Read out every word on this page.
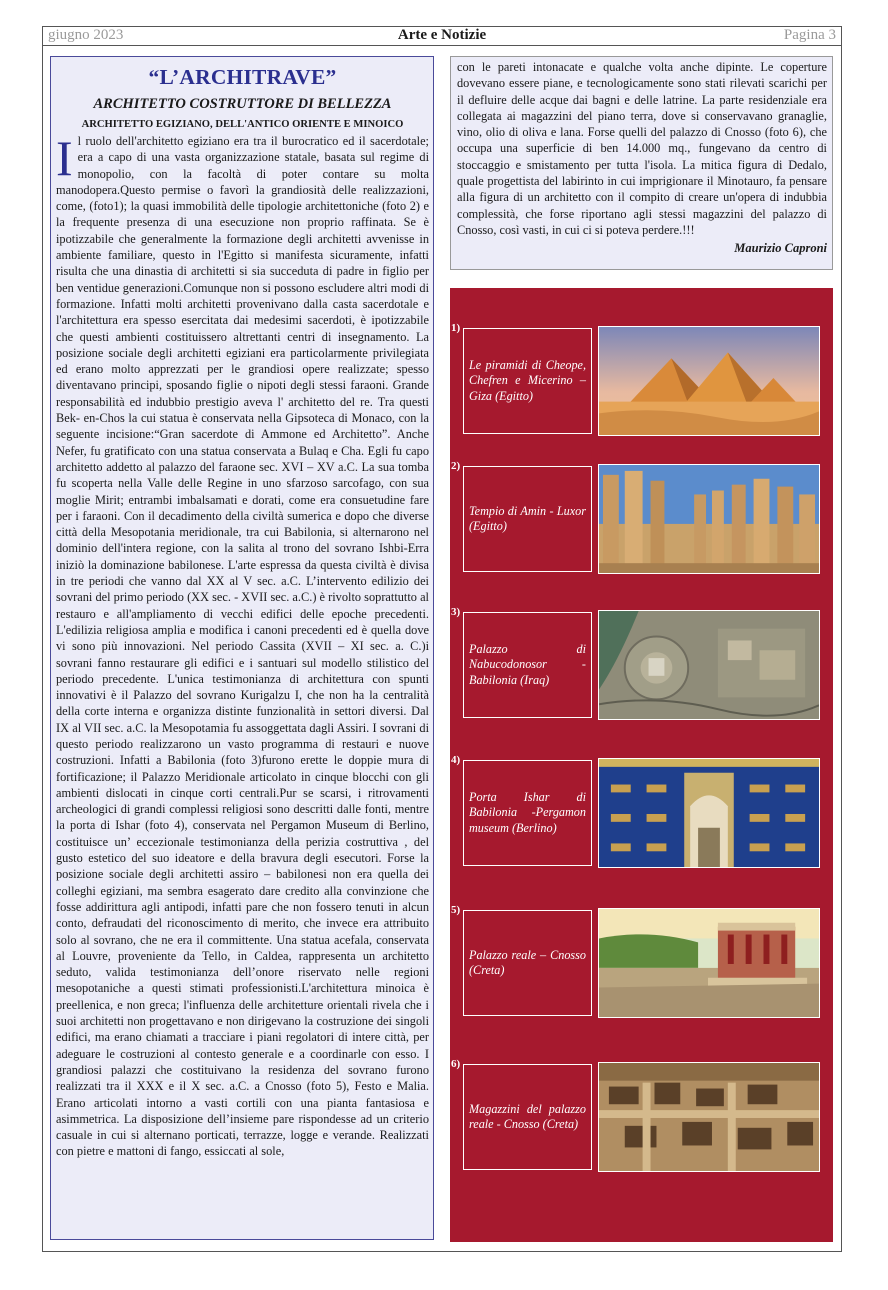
giugno 2023	Arte e Notizie	Pagina 3
“L’ARCHITRAVE”
ARCHITETTO COSTRUTTORE DI BELLEZZA
ARCHITETTO EGIZIANO, DELL'ANTICO ORIENTE E MINOICO

Il ruolo dell'architetto egiziano era tra il burocratico ed il sacerdotale; era a capo di una vasta organizzazione statale, basata sul regime di monopolio, con la facoltà di poter contare su molta manodopera.Questo permise o favorì la grandiosità delle realizzazioni, come, (foto1); la quasi immobilità delle tipologie architettoniche (foto 2) e la frequente presenza di una esecuzione non proprio raffinata. Se è ipotizzabile che generalmente la formazione degli architetti avvenisse in ambiente familiare, questo in l'Egitto si manifesta sicuramente, infatti risulta che una dinastia di architetti si sia succeduta di padre in figlio per ben ventidue generazioni.Comunque non si possono escludere altri modi di formazione. Infatti molti architetti provenivano dalla casta sacerdotale e l'architettura era spesso esercitata dai medesimi sacerdoti, è ipotizzabile che questi ambienti costituissero altrettanti centri di insegnamento. La posizione sociale degli architetti egiziani era particolarmente privilegiata ed erano molto apprezzati per le grandiosi opere realizzate; spesso diventavano principi, sposando figlie o nipoti degli stessi faraoni. Grande responsabilità ed indubbio prestigio aveva l' architetto del re. Tra questi Bek- en-Chos la cui statua è conservata nella Gipsoteca di Monaco, con la seguente incisione:“Gran sacerdote di Ammone ed Architetto”. Anche Nefer, fu gratificato con una statua conservata a Bulaq e Cha. Egli fu capo architetto addetto al palazzo del faraone sec. XVI – XV a.C. La sua tomba fu scoperta nella Valle delle Regine in uno sfarzoso sarcofago, con sua moglie Mirit; entrambi imbalsamati e dorati, come era consuetudine fare per i faraoni. Con il decadimento della civiltà sumerica e dopo che diverse città della Mesopotania meridionale, tra cui Babilonia, si alternarono nel dominio dell'intera regione, con la salita al trono del sovrano Ishbi-Erra iniziò la dominazione babilonese. L'arte espressa da questa civiltà è divisa in tre periodi che vanno dal XX al V sec. a.C. L’intervento edilizio dei sovrani del primo periodo (XX sec. - XVII sec. a.C.) è rivolto soprattutto al restauro e all'ampliamento di vecchi edifici delle epoche precedenti. L'edilizia religiosa amplia e modifica i canoni precedenti ed è quella dove vi sono più innovazioni. Nel periodo Cassita (XVII – XI sec. a. C.)i sovrani fanno restaurare gli edifici e i santuari sul modello stilistico del periodo precedente. L'unica testimonianza di architettura con spunti innovativi è il Palazzo del sovrano Kurigalzu I, che non ha la centralità della corte interna e organizza distinte funzionalità in settori diversi. Dal IX al VII sec. a.C. la Mesopotamia fu assoggettata dagli Assiri. I sovrani di questo periodo realizzarono un vasto programma di restauri e nuove costruzioni. Infatti a Babilonia (foto 3)furono erette le doppie mura di fortificazione; il Palazzo Meridionale articolato in cinque blocchi con gli ambienti dislocati in cinque corti centrali.Pur se scarsi, i ritrovamenti archeologici di grandi complessi religiosi sono descritti dalle fonti, mentre la porta di Ishar (foto 4), conservata nel Pergamon Museum di Berlino, costituisce un’ eccezionale testimonianza della perizia costruttiva , del gusto estetico del suo ideatore e della bravura degli esecutori. Forse la posizione sociale degli architetti assiro – babilonesi non era quella dei colleghi egiziani, ma sembra esagerato dare credito alla convinzione che fosse addirittura agli antipodi, infatti pare che non fossero tenuti in alcun conto, defraudati del riconoscimento di merito, che invece era attribuito solo al sovrano, che ne era il committente. Una statua acefala, conservata al Louvre, proveniente da Tello, in Caldea, rappresenta un architetto seduto, valida testimonianza dell’onore riservato nelle regioni mesopotaniche a questi stimati professionisti.L'architettura minoica è preellenica, e non greca; l'influenza delle architetture orientali rivela che i suoi architetti non progettavano e non dirigevano la costruzione dei singoli edifici, ma erano chiamati a tracciare i piani regolatori di intere città, per adeguare le costruzioni al contesto generale e a coordinarle con esso. I grandiosi palazzi che costituivano la residenza del sovrano furono realizzati tra il XXX e il X sec. a.C. a Cnosso (foto 5), Festo e Malia. Erano articolati intorno a vasti cortili con una pianta fantasiosa e asimmetrica. La disposizione dell’insieme pare rispondesse ad un criterio casuale in cui si alternano porticati, terrazze, logge e verande. Realizzati con pietre e mattoni di fango, essiccati al sole,

con le pareti intonacate e qualche volta anche dipinte. Le coperture dovevano essere piane, e tecnologicamente sono stati rilevati scarichi per il defluire delle acque dai bagni e delle latrine. La parte residenziale era collegata ai magazzini del piano terra, dove si conservavano granaglie, vino, olio di oliva e lana. Forse quelli del palazzo di Cnosso (foto 6), che occupa una superficie di ben 14.000 mq., fungevano da centro di stoccaggio e smistamento per tutta l'isola. La mitica figura di Dedalo, quale progettista del labirinto in cui imprigionare il Minotauro, fa pensare alla figura di un architetto con il compito di creare un'opera di indubbia complessità, che forse riportano agli stessi magazzini del palazzo di Cnosso, così vasti, in cui ci si poteva perdere.!!!

Maurizio Caproni
1)
Le piramidi di Cheope, Chefren e Micerino – Giza (Egitto)
2)
Tempio di Amin - Luxor (Egitto)
3)
Palazzo di Nabucodonosor - Babilonia (Iraq)
4)
Porta Ishar di Babilonia -Pergamon museum (Berlino)
5)
Palazzo reale – Cnosso (Creta)
6)
Magazzini del palazzo reale - Cnosso (Creta)
